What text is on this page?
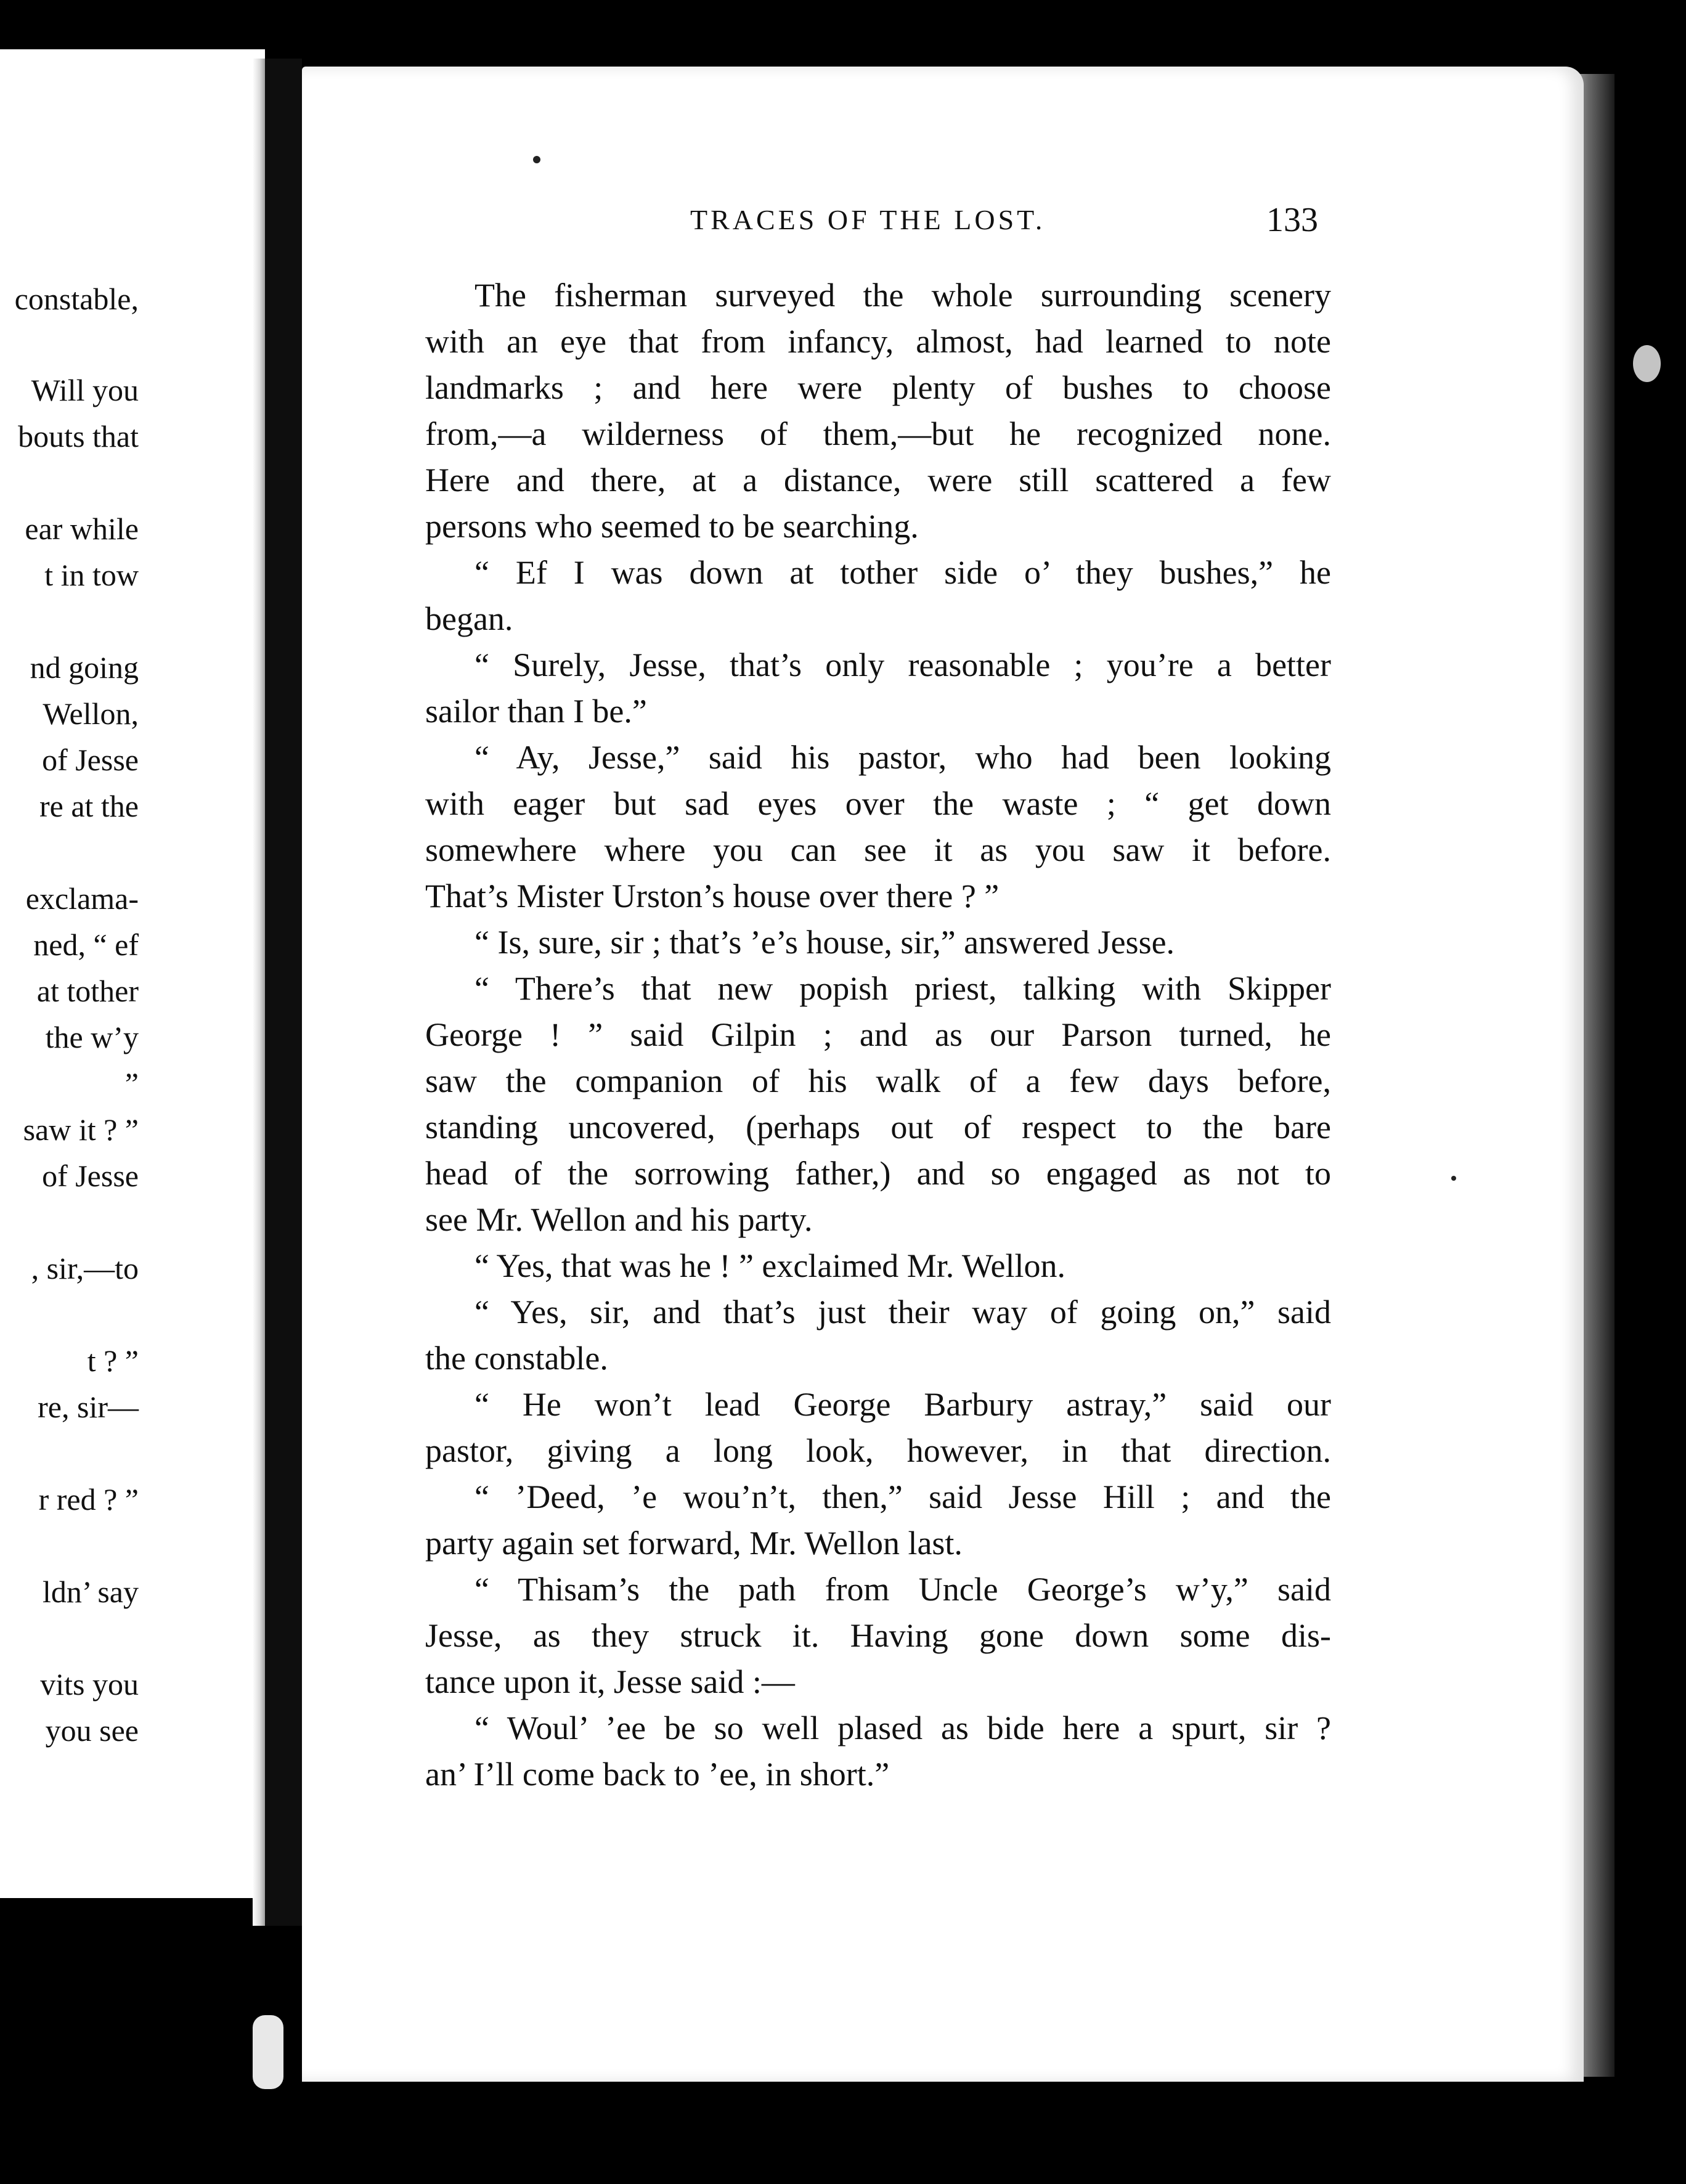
constable,
Will you
bouts that
ear while
t in tow
nd going
Wellon,
of Jesse
re at the
exclama-
ned, “ ef
at tother
the w’y
”
saw it ? ”
of Jesse
, sir,—to
t ? ”
re, sir—
r red ? ”
ldn’ say
vits you
you see
TRACES OF THE LOST.	133
The fisherman surveyed the whole surrounding scenery
with an eye that from infancy, almost, had learned to note
landmarks ; and here were plenty of bushes to choose
from,—a wilderness of them,—but he recognized none.
Here and there, at a distance, were still scattered a few
persons who seemed to be searching.
“ Ef I was down at tother side o’ they bushes,” he
began.
“ Surely, Jesse, that’s only reasonable ; you’re a better
sailor than I be.”
“ Ay, Jesse,” said his pastor, who had been looking
with eager but sad eyes over the waste ; “ get down
somewhere where you can see it as you saw it before.
That’s Mister Urston’s house over there ? ”
“ Is, sure, sir ; that’s ’e’s house, sir,” answered Jesse.
“ There’s that new popish priest, talking with Skipper
George ! ” said Gilpin ; and as our Parson turned, he
saw the companion of his walk of a few days before,
standing uncovered, (perhaps out of respect to the bare
head of the sorrowing father,) and so engaged as not to
see Mr. Wellon and his party.
“ Yes, that was he ! ” exclaimed Mr. Wellon.
“ Yes, sir, and that’s just their way of going on,” said
the constable.
“ He won’t lead George Barbury astray,” said our
pastor, giving a long look, however, in that direction.
“ ’Deed, ’e wou’n’t, then,” said Jesse Hill ; and the
party again set forward, Mr. Wellon last.
“ Thisam’s the path from Uncle George’s w’y,” said
Jesse, as they struck it. Having gone down some dis-
tance upon it, Jesse said :—
“ Woul’ ’ee be so well plased as bide here a spurt, sir ?
an’ I’ll come back to ’ee, in short.”
